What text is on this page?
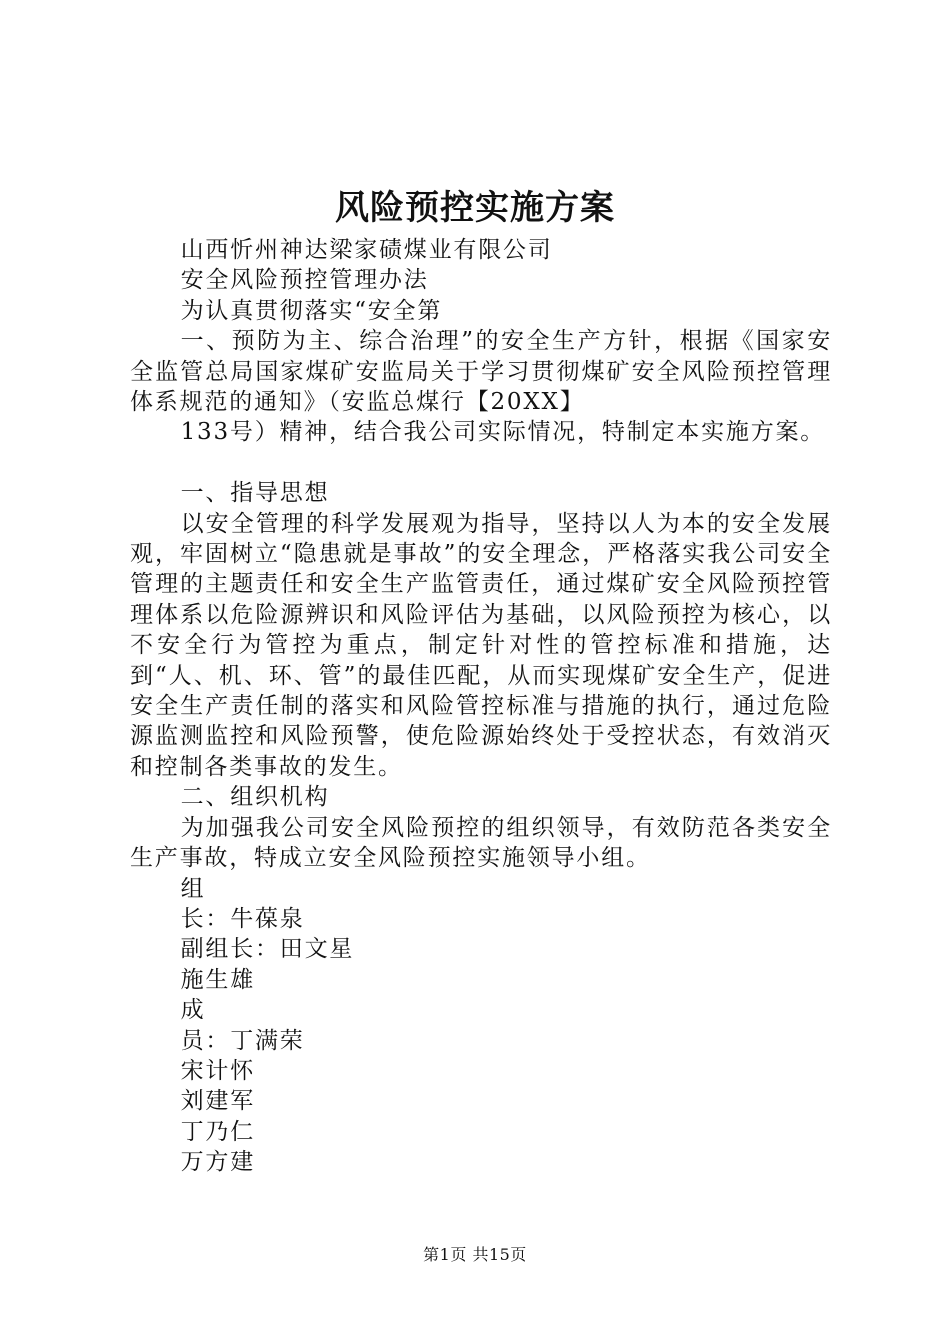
风险预控实施方案

山西忻州神达梁家碛煤业有限公司

安全风险预控管理办法

为认真贯彻落实“安全第

一、预防为主、综合治理”的安全生产方针，根据《国家安全监管总局国家煤矿安监局关于学习贯彻煤矿安全风险预控管理体系规范的通知》（安监总煤行【20XX】

133号）精神，结合我公司实际情况，特制定本实施方案。

一、指导思想

以安全管理的科学发展观为指导，坚持以人为本的安全发展观，牢固树立“隐患就是事故”的安全理念，严格落实我公司安全管理的主题责任和安全生产监管责任，通过煤矿安全风险预控管理体系以危险源辨识和风险评估为基础，以风险预控为核心，以不安全行为管控为重点，制定针对性的管控标准和措施，达到“人、机、环、管”的最佳匹配，从而实现煤矿安全生产，促进安全生产责任制的落实和风险管控标准与措施的执行，通过危险源监测监控和风险预警，使危险源始终处于受控状态，有效消灭和控制各类事故的发生。

二、组织机构

为加强我公司安全风险预控的组织领导，有效防范各类安全生产事故，特成立安全风险预控实施领导小组。

组

长：牛葆泉

副组长：田文星

施生雄

成

员：丁满荣

宋计怀

刘建军

丁乃仁

万方建

第1页 共15页
